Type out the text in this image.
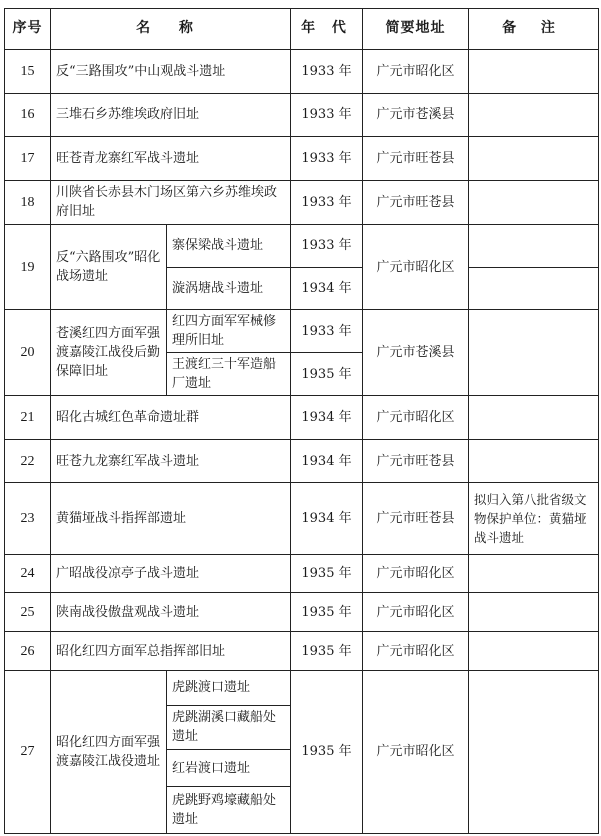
序号	名 称		年 代	简要地址	备 注
15	反“三路围攻”中山观战斗遗址		1933 年	广元市昭化区	
16	三堆石乡苏维埃政府旧址		1933 年	广元市苍溪县	
17	旺苍青龙寨红军战斗遗址		1933 年	广元市旺苍县	
18	川陕省长赤县木门场区第六乡苏维埃政府旧址		1933 年	广元市旺苍县	
19	反“六路围攻”昭化战场遗址	寨保梁战斗遗址	1933 年	广元市昭化区	
		漩涡塘战斗遗址	1934 年		
20	苍溪红四方面军强渡嘉陵江战役后勤保障旧址	红四方面军军械修理所旧址	1933 年	广元市苍溪县	
		王渡红三十军造船厂遗址	1935 年		
21	昭化古城红色革命遗址群		1934 年	广元市昭化区	
22	旺苍九龙寨红军战斗遗址		1934 年	广元市旺苍县	
23	黄猫垭战斗指挥部遗址		1934 年	广元市旺苍县	拟归入第八批省级文物保护单位：黄猫垭战斗遗址
24	广昭战役凉亭子战斗遗址		1935 年	广元市昭化区	
25	陕南战役傲盘观战斗遗址		1935 年	广元市昭化区	
26	昭化红四方面军总指挥部旧址		1935 年	广元市昭化区	
27	昭化红四方面军强渡嘉陵江战役遗址	虎跳渡口遗址	1935 年	广元市昭化区	
		虎跳湖溪口藏船处遗址			
		红岩渡口遗址			
		虎跳野鸡壕藏船处遗址			
